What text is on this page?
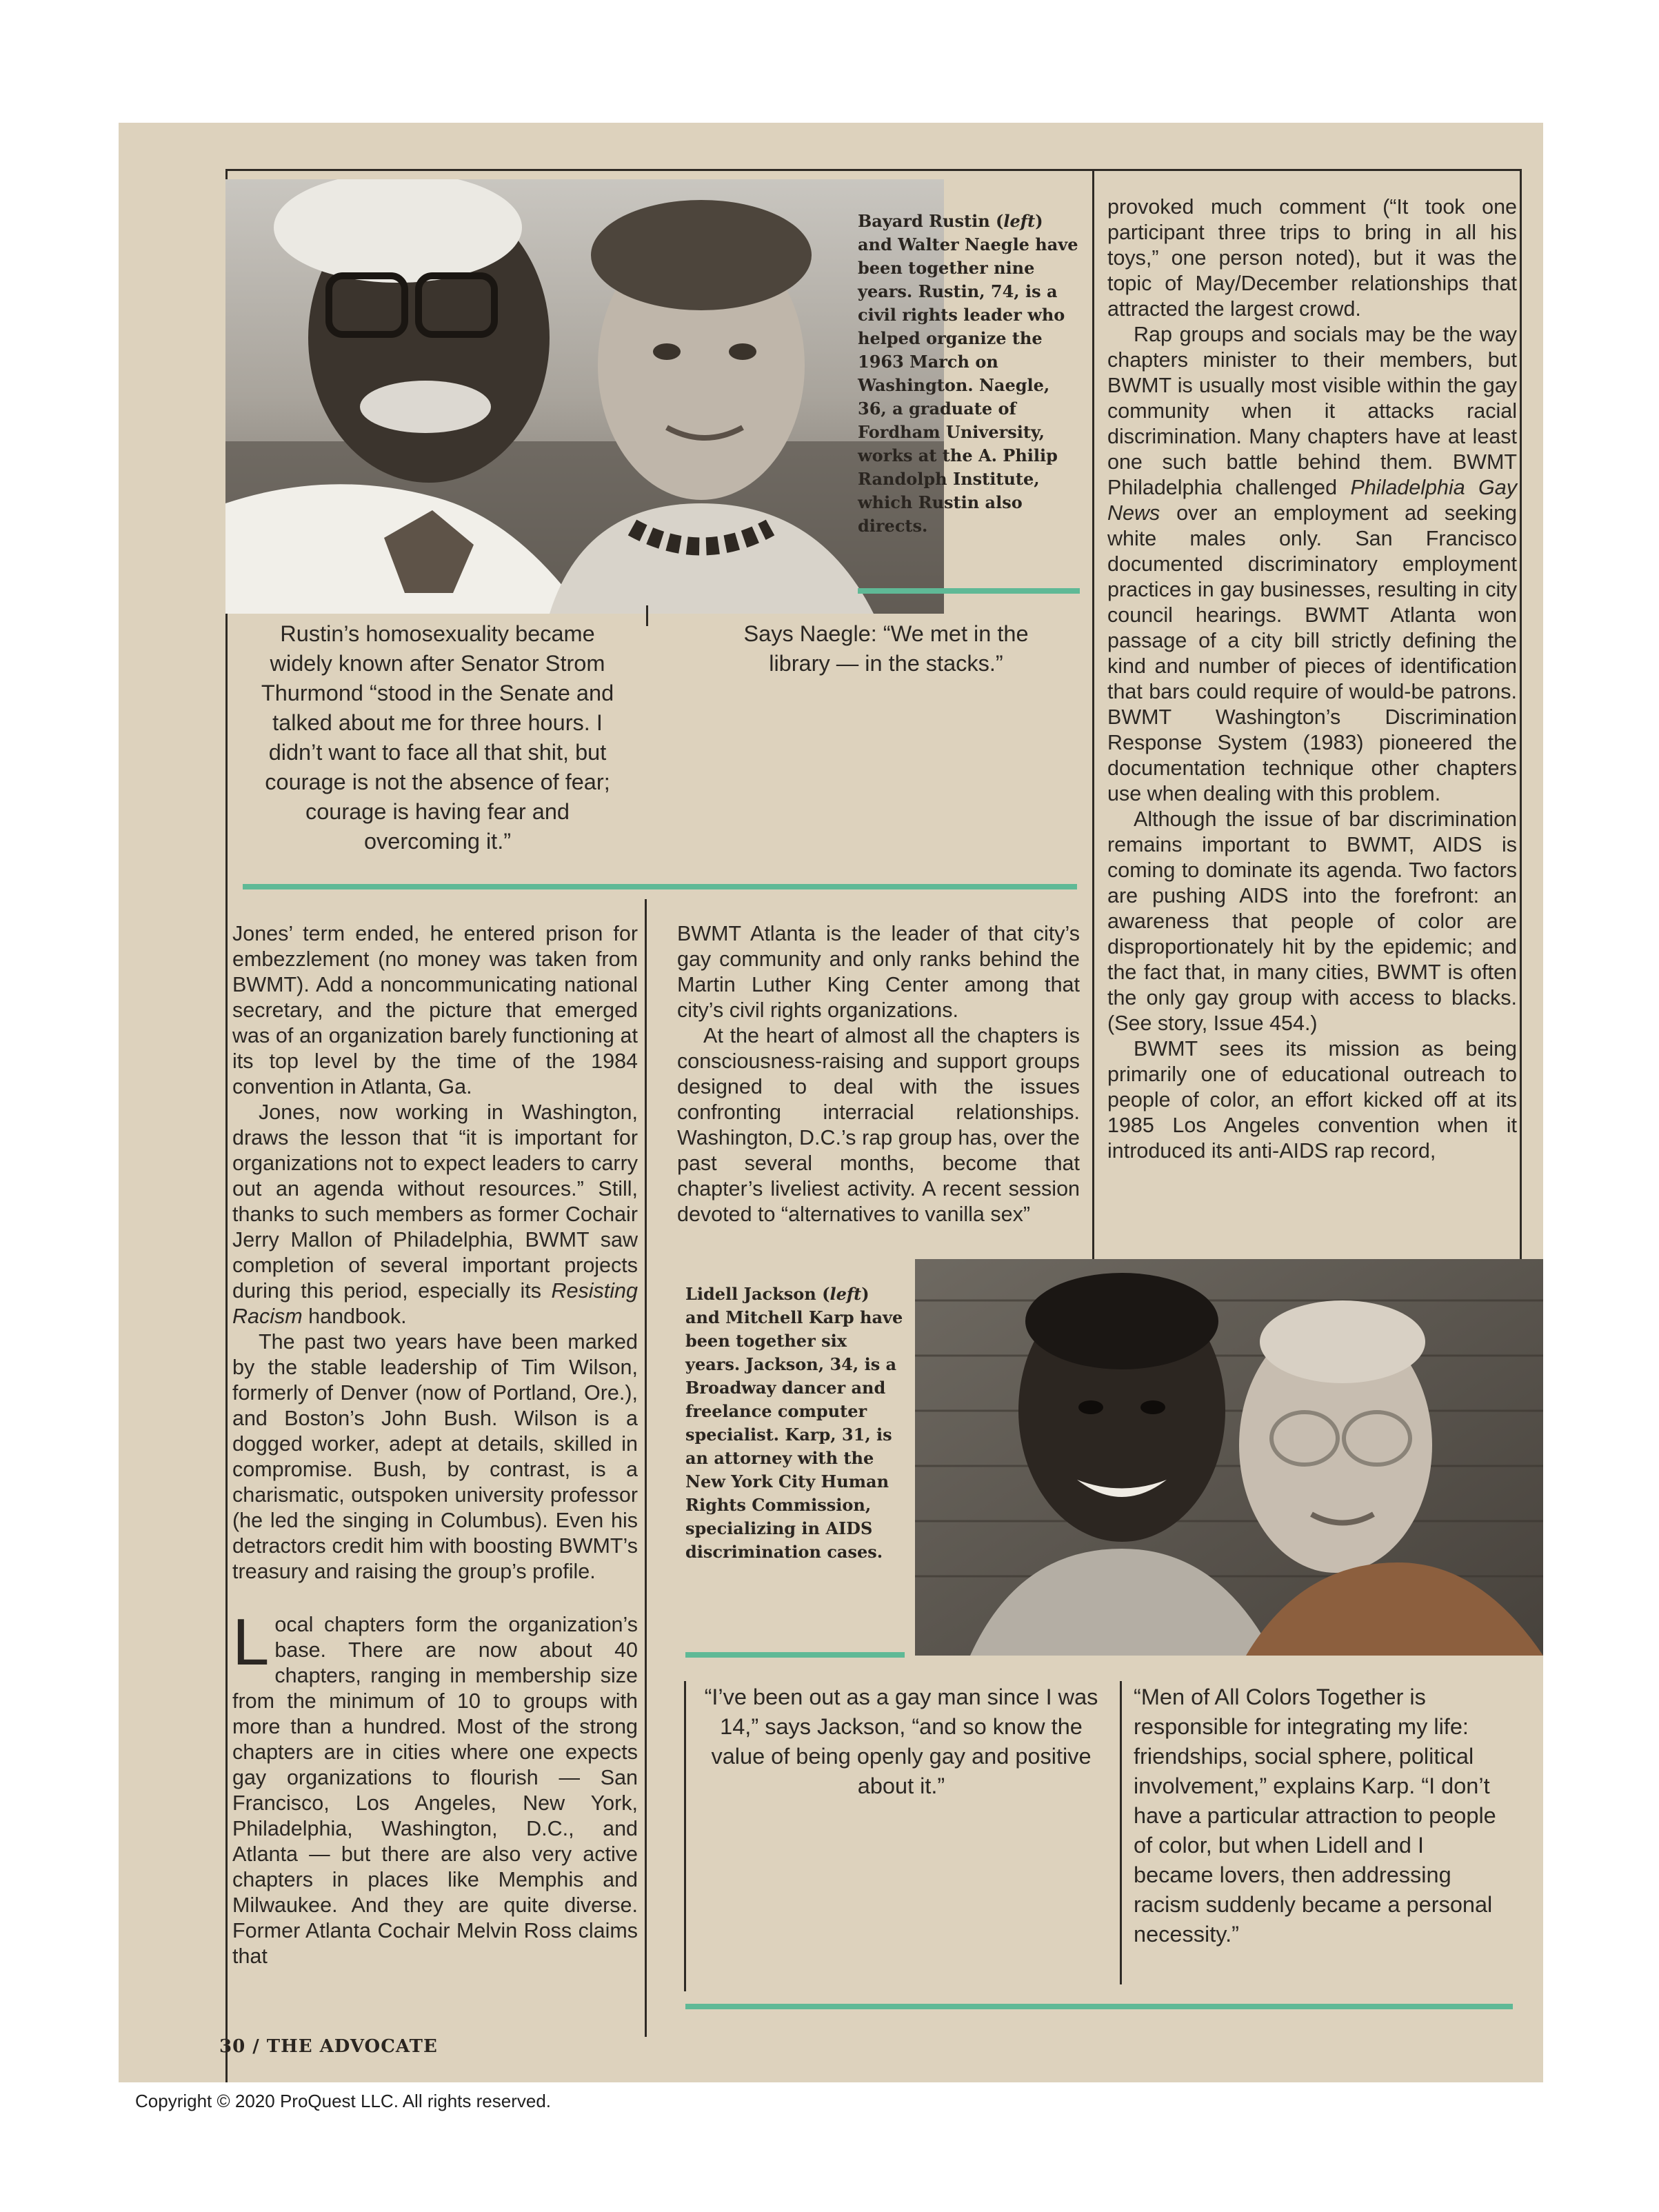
Bayard Rustin (left) and Walter Naegle have been together nine years. Rustin, 74, is a civil rights leader who helped organize the 1963 March on Washington. Naegle, 36, a graduate of Fordham University, works at the A. Philip Randolph Institute, which Rustin also directs.
Rustin’s homosexuality became widely known after Senator Strom Thurmond “stood in the Senate and talked about me for three hours. I didn’t want to face all that shit, but courage is not the absence of fear; courage is having fear and overcoming it.”
Says Naegle: “We met in the library — in the stacks.”

provoked much comment (“It took one participant three trips to bring in all his toys,” one person noted), but it was the topic of May/December relationships that attracted the largest crowd.

Rap groups and socials may be the way chapters minister to their members, but BWMT is usually most visible within the gay community when it attacks racial discrimination. Many chapters have at least one such battle behind them. BWMT Philadelphia challenged Philadelphia Gay News over an employment ad seeking white males only. San Francisco documented discriminatory employment practices in gay businesses, resulting in city council hearings. BWMT Atlanta won passage of a city bill strictly defining the kind and number of pieces of identification that bars could require of would-be patrons. BWMT Washington’s Discrimination Response System (1983) pioneered the documentation technique other chapters use when dealing with this problem.

Although the issue of bar discrimination remains important to BWMT, AIDS is coming to dominate its agenda. Two factors are pushing AIDS into the forefront: an awareness that people of color are disproportionately hit by the epidemic; and the fact that, in many cities, BWMT is often the only gay group with access to blacks. (See story, Issue 454.)

BWMT sees its mission as being primarily one of educational outreach to people of color, an effort kicked off at its 1985 Los Angeles convention when it introduced its anti-AIDS rap record,

Jones’ term ended, he entered prison for embezzlement (no money was taken from BWMT). Add a noncommunicating national secretary, and the picture that emerged was of an organization barely functioning at its top level by the time of the 1984 convention in Atlanta, Ga.

Jones, now working in Washington, draws the lesson that “it is important for organizations not to expect leaders to carry out an agenda without resources.” Still, thanks to such members as former Cochair Jerry Mallon of Philadelphia, BWMT saw completion of several important projects during this period, especially its Resisting Racism handbook.

The past two years have been marked by the stable leadership of Tim Wilson, formerly of Denver (now of Portland, Ore.), and Boston’s John Bush. Wilson is a dogged worker, adept at details, skilled in compromise. Bush, by contrast, is a charismatic, outspoken university professor (he led the singing in Columbus). Even his detractors credit him with boosting BWMT’s treasury and raising the group’s profile.

Local chapters form the organization’s base. There are now about 40 chapters, ranging in membership size from the minimum of 10 to groups with more than a hundred. Most of the strong chapters are in cities where one expects gay organizations to flourish — San Francisco, Los Angeles, New York, Philadelphia, Washington, D.C., and Atlanta — but there are also very active chapters in places like Memphis and Milwaukee. And they are quite diverse. Former Atlanta Cochair Melvin Ross claims that

BWMT Atlanta is the leader of that city’s gay community and only ranks behind the Martin Luther King Center among that city’s civil rights organizations.

At the heart of almost all the chapters is consciousness-raising and support groups designed to deal with the issues confronting interracial relationships. Washington, D.C.’s rap group has, over the past several months, become that chapter’s liveliest activity. A recent session devoted to “alternatives to vanilla sex”

Lidell Jackson (left) and Mitchell Karp have been together six years. Jackson, 34, is a Broadway dancer and freelance computer specialist. Karp, 31, is an attorney with the New York City Human Rights Commission, specializing in AIDS discrimination cases.
“I’ve been out as a gay man since I was 14,” says Jackson, “and so know the value of being openly gay and positive about it.”
“Men of All Colors Together is responsible for integrating my life: friendships, social sphere, political involvement,” explains Karp. “I don’t have a particular attraction to people of color, but when Lidell and I became lovers, then addressing racism suddenly became a personal necessity.”
30 / THE ADVOCATE
Copyright © 2020 ProQuest LLC. All rights reserved.
